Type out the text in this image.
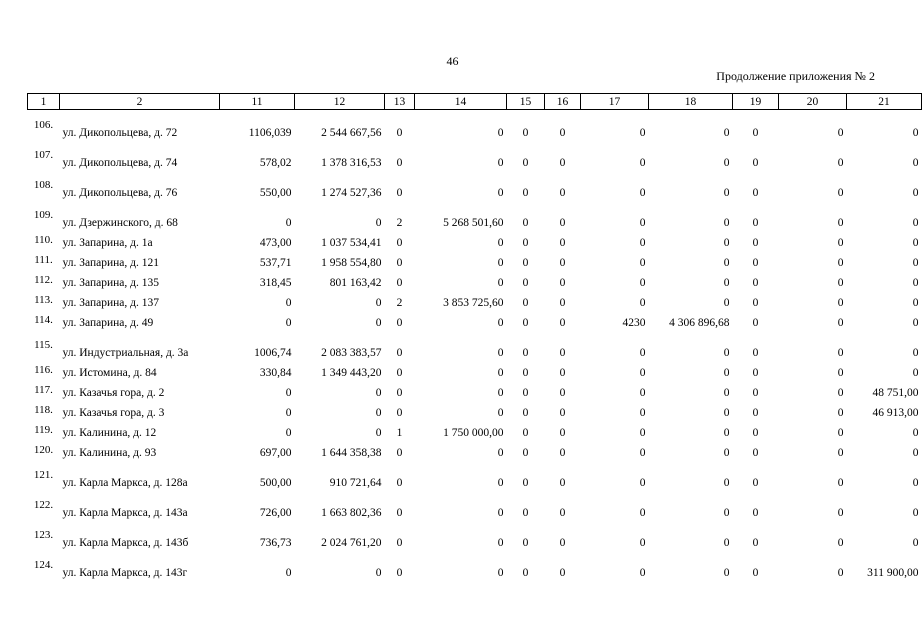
46
Продолжение приложения № 2
1	2	11	12	13	14	15	16	17	18	19	20	21
106.	ул. Дикопольцева, д. 72	1106,039	2 544 667,56	0	0	0	0	0	0	0	0	0
107.	ул. Дикопольцева, д. 74	578,02	1 378 316,53	0	0	0	0	0	0	0	0	0
108.	ул. Дикопольцева, д. 76	550,00	1 274 527,36	0	0	0	0	0	0	0	0	0
109.	ул. Дзержинского, д. 68	0	0	2	5 268 501,60	0	0	0	0	0	0	0
110.	ул. Запарина, д. 1а	473,00	1 037 534,41	0	0	0	0	0	0	0	0	0
111.	ул. Запарина, д. 121	537,71	1 958 554,80	0	0	0	0	0	0	0	0	0
112.	ул. Запарина, д. 135	318,45	801 163,42	0	0	0	0	0	0	0	0	0
113.	ул. Запарина, д. 137	0	0	2	3 853 725,60	0	0	0	0	0	0	0
114.	ул. Запарина, д. 49	0	0	0	0	0	0	4230	4 306 896,68	0	0	0
115.	ул. Индустриальная, д. 3а	1006,74	2 083 383,57	0	0	0	0	0	0	0	0	0
116.	ул. Истомина, д. 84	330,84	1 349 443,20	0	0	0	0	0	0	0	0	0
117.	ул. Казачья гора, д. 2	0	0	0	0	0	0	0	0	0	0	48 751,00
118.	ул. Казачья гора, д. 3	0	0	0	0	0	0	0	0	0	0	46 913,00
119.	ул. Калинина, д. 12	0	0	1	1 750 000,00	0	0	0	0	0	0	0
120.	ул. Калинина, д. 93	697,00	1 644 358,38	0	0	0	0	0	0	0	0	0
121.	ул. Карла Маркса, д. 128а	500,00	910 721,64	0	0	0	0	0	0	0	0	0
122.	ул. Карла Маркса, д. 143а	726,00	1 663 802,36	0	0	0	0	0	0	0	0	0
123.	ул. Карла Маркса, д. 143б	736,73	2 024 761,20	0	0	0	0	0	0	0	0	0
124.	ул. Карла Маркса, д. 143г	0	0	0	0	0	0	0	0	0	0	311 900,00
